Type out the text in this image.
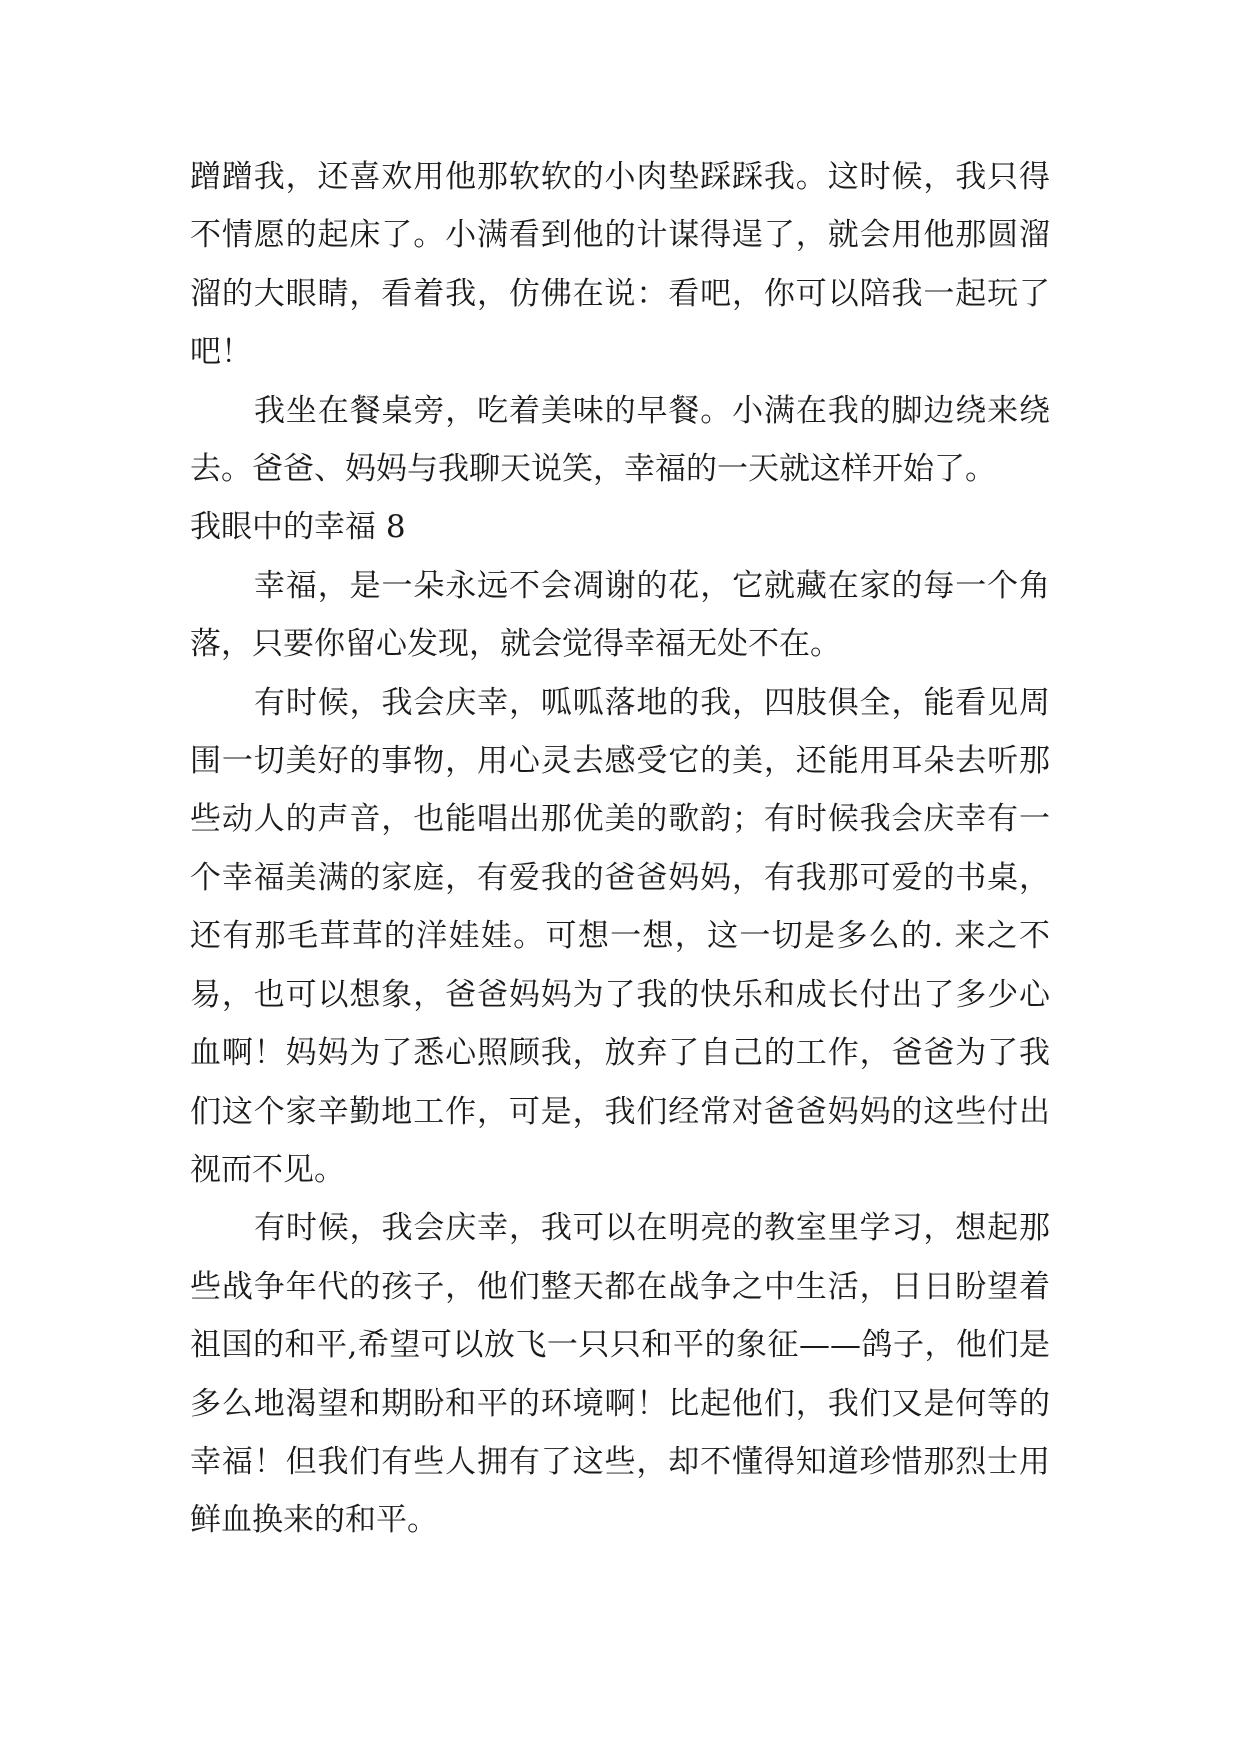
蹭蹭我，还喜欢用他那软软的小肉垫踩踩我。这时候，我只得不情愿的起床了。小满看到他的计谋得逞了，就会用他那圆溜溜的大眼睛，看着我，仿佛在说：看吧，你可以陪我一起玩了吧！

我坐在餐桌旁，吃着美味的早餐。小满在我的脚边绕来绕去。爸爸、妈妈与我聊天说笑，幸福的一天就这样开始了。

我眼中的幸福 8

幸福，是一朵永远不会凋谢的花，它就藏在家的每一个角落，只要你留心发现，就会觉得幸福无处不在。

有时候，我会庆幸，呱呱落地的我，四肢俱全，能看见周围一切美好的事物，用心灵去感受它的美，还能用耳朵去听那些动人的声音，也能唱出那优美的歌韵；有时候我会庆幸有一个幸福美满的家庭，有爱我的爸爸妈妈，有我那可爱的书桌，还有那毛茸茸的洋娃娃。可想一想，这一切是多么的. 来之不易，也可以想象，爸爸妈妈为了我的快乐和成长付出了多少心血啊！妈妈为了悉心照顾我，放弃了自己的工作，爸爸为了我们这个家辛勤地工作，可是，我们经常对爸爸妈妈的这些付出视而不见。

有时候，我会庆幸，我可以在明亮的教室里学习，想起那些战争年代的孩子，他们整天都在战争之中生活，日日盼望着祖国的和平,希望可以放飞一只只和平的象征——鸽子，他们是多么地渴望和期盼和平的环境啊！比起他们，我们又是何等的幸福！但我们有些人拥有了这些，却不懂得知道珍惜那烈士用鲜血换来的和平。
